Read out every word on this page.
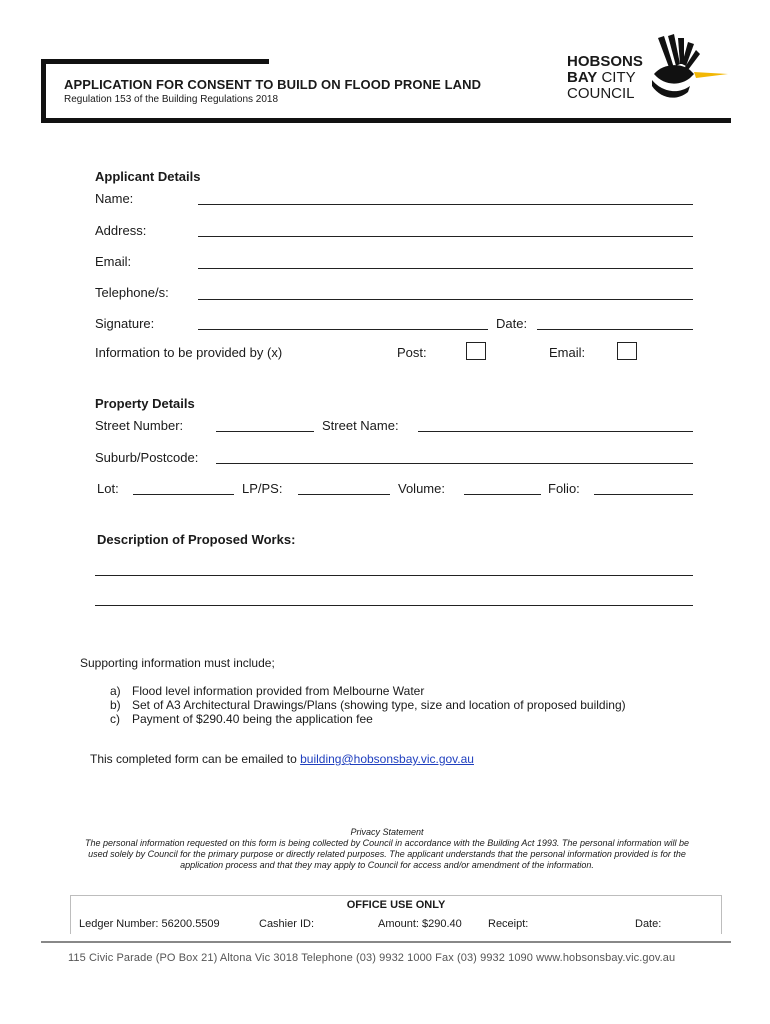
APPLICATION FOR CONSENT TO BUILD ON FLOOD PRONE LAND
Regulation 153 of the Building Regulations 2018
HOBSONS
BAY CITY
COUNCIL
Applicant Details
Name:
Address:
Email:
Telephone/s:
Signature:	Date:
Information to be provided by (x)	Post:	Email:
Property Details
Street Number:	Street Name:
Suburb/Postcode:
Lot:	LP/PS:	Volume:	Folio:
Description of Proposed Works:
Supporting information must include;
a) Flood level information provided from Melbourne Water
b) Set of A3 Architectural Drawings/Plans (showing type, size and location of proposed building)
c) Payment of $290.40 being the application fee
This completed form can be emailed to building@hobsonsbay.vic.gov.au
Privacy Statement
The personal information requested on this form is being collected by Council in accordance with the Building Act 1993. The personal information will be used solely by Council for the primary purpose or directly related purposes. The applicant understands that the personal information provided is for the application process and that they may apply to Council for access and/or amendment of the information.
OFFICE USE ONLY
Ledger Number: 56200.5509	Cashier ID:	Amount: $290.40 Receipt:	Date:
115 Civic Parade (PO Box 21) Altona Vic 3018 Telephone (03) 9932 1000 Fax (03) 9932 1090 www.hobsonsbay.vic.gov.au
